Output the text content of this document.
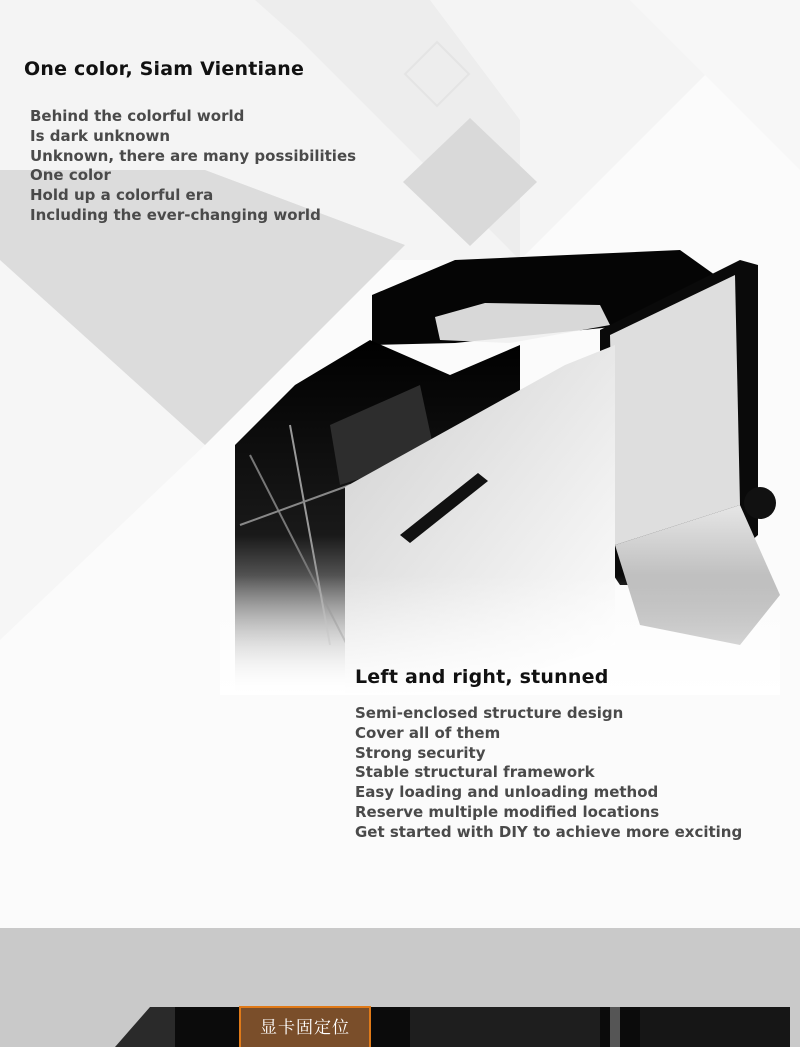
One color, Siam Vientiane
Behind the colorful world
Is dark unknown
Unknown, there are many possibilities
One color
Hold up a colorful era
Including the ever-changing world
Left and right, stunned
Semi-enclosed structure design
Cover all of them
Strong security
Stable structural framework
Easy loading and unloading method
Reserve multiple modified locations
Get started with DIY to achieve more exciting
显卡固定位
